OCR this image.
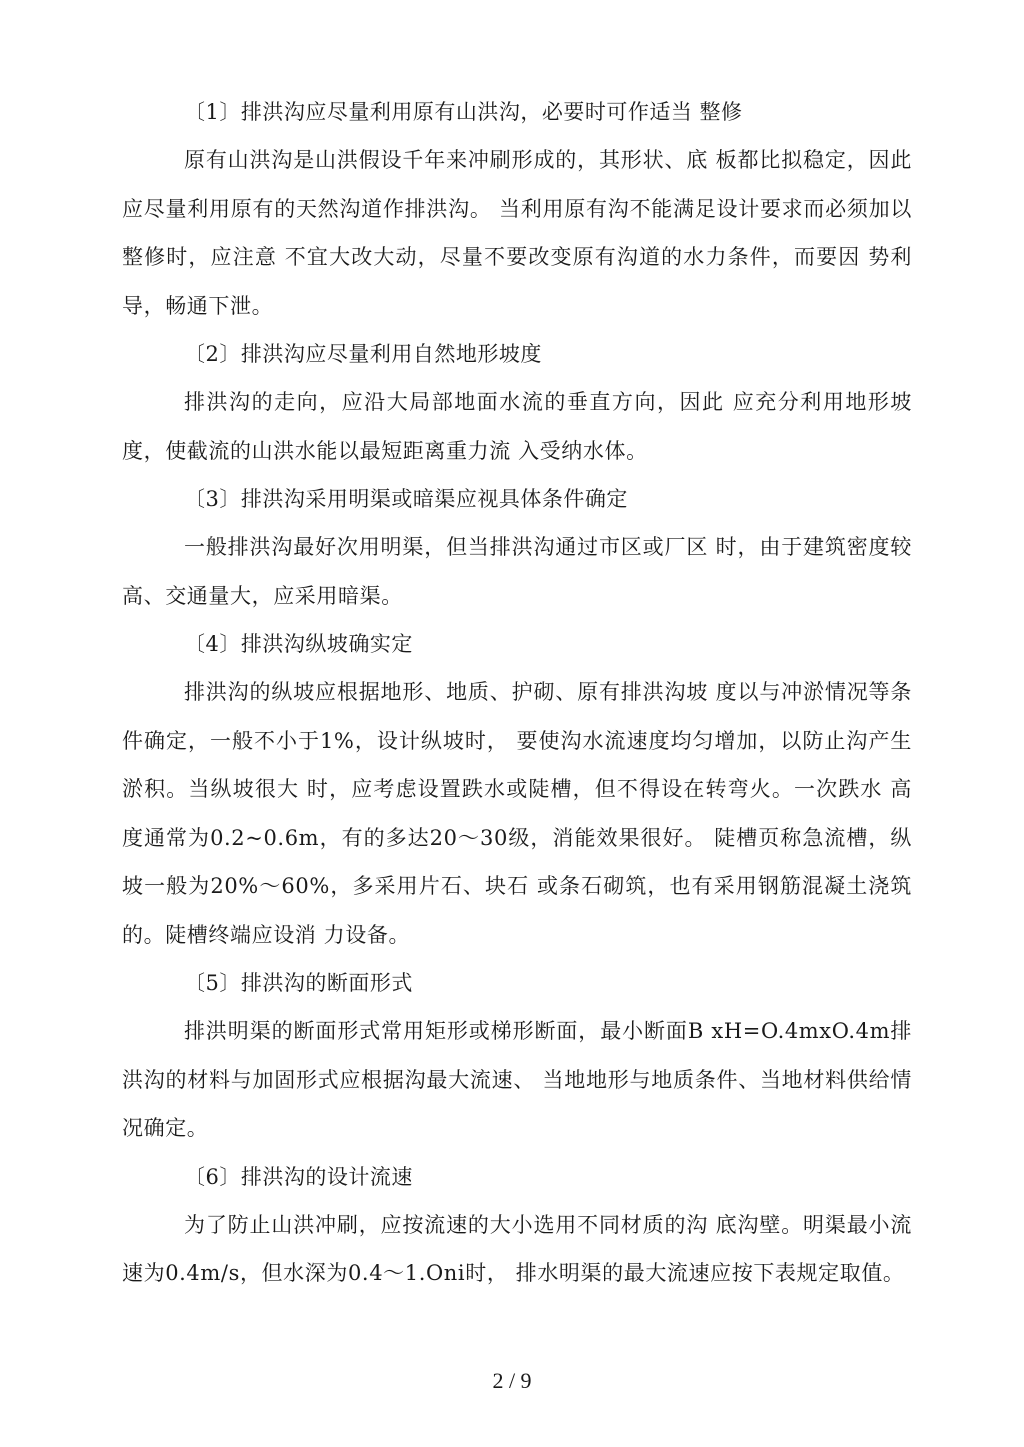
〔1〕排洪沟应尽量利用原有山洪沟，必要时可作适当 整修

原有山洪沟是山洪假设千年来冲刷形成的，其形状、底 板都比拟稳定，因此应尽量利用原有的天然沟道作排洪沟。 当利用原有沟不能满足设计要求而必须加以整修时，应注意 不宜大改大动，尽量不要改变原有沟道的水力条件，而要因 势利导，畅通下泄。

〔2〕排洪沟应尽量利用自然地形坡度

排洪沟的走向，应沿大局部地面水流的垂直方向，因此 应充分利用地形坡度，使截流的山洪水能以最短距离重力流 入受纳水体。

〔3〕排洪沟采用明渠或暗渠应视具体条件确定

一般排洪沟最好次用明渠，但当排洪沟通过市区或厂区 时，由于建筑密度较高、交通量大，应采用暗渠。

〔4〕排洪沟纵坡确实定

排洪沟的纵坡应根据地形、地质、护砌、原有排洪沟坡 度以与冲淤情况等条件确定，一般不小于1%，设计纵坡时， 要使沟水流速度均匀增加，以防止沟产生淤积。当纵坡很大 时，应考虑设置跌水或陡槽，但不得设在转弯火。一次跌水 高度通常为0.2~0.6m，有的多达20〜30级，消能效果很好。 陡槽页称急流槽，纵坡一般为20%〜60%，多采用片石、块石 或条石砌筑，也有采用钢筋混凝土浇筑的。陡槽终端应设消 力设备。

〔5〕排洪沟的断面形式

排洪明渠的断面形式常用矩形或梯形断面，最小断面B xH=O.4mxO.4m排洪沟的材料与加固形式应根据沟最大流速、 当地地形与地质条件、当地材料供给情况确定。

〔6〕排洪沟的设计流速

为了防止山洪冲刷，应按流速的大小选用不同材质的沟 底沟壁。明渠最小流速为0.4m/s，但水深为0.4〜1.Oni时， 排水明渠的最大流速应按下表规定取值。

2 / 9
